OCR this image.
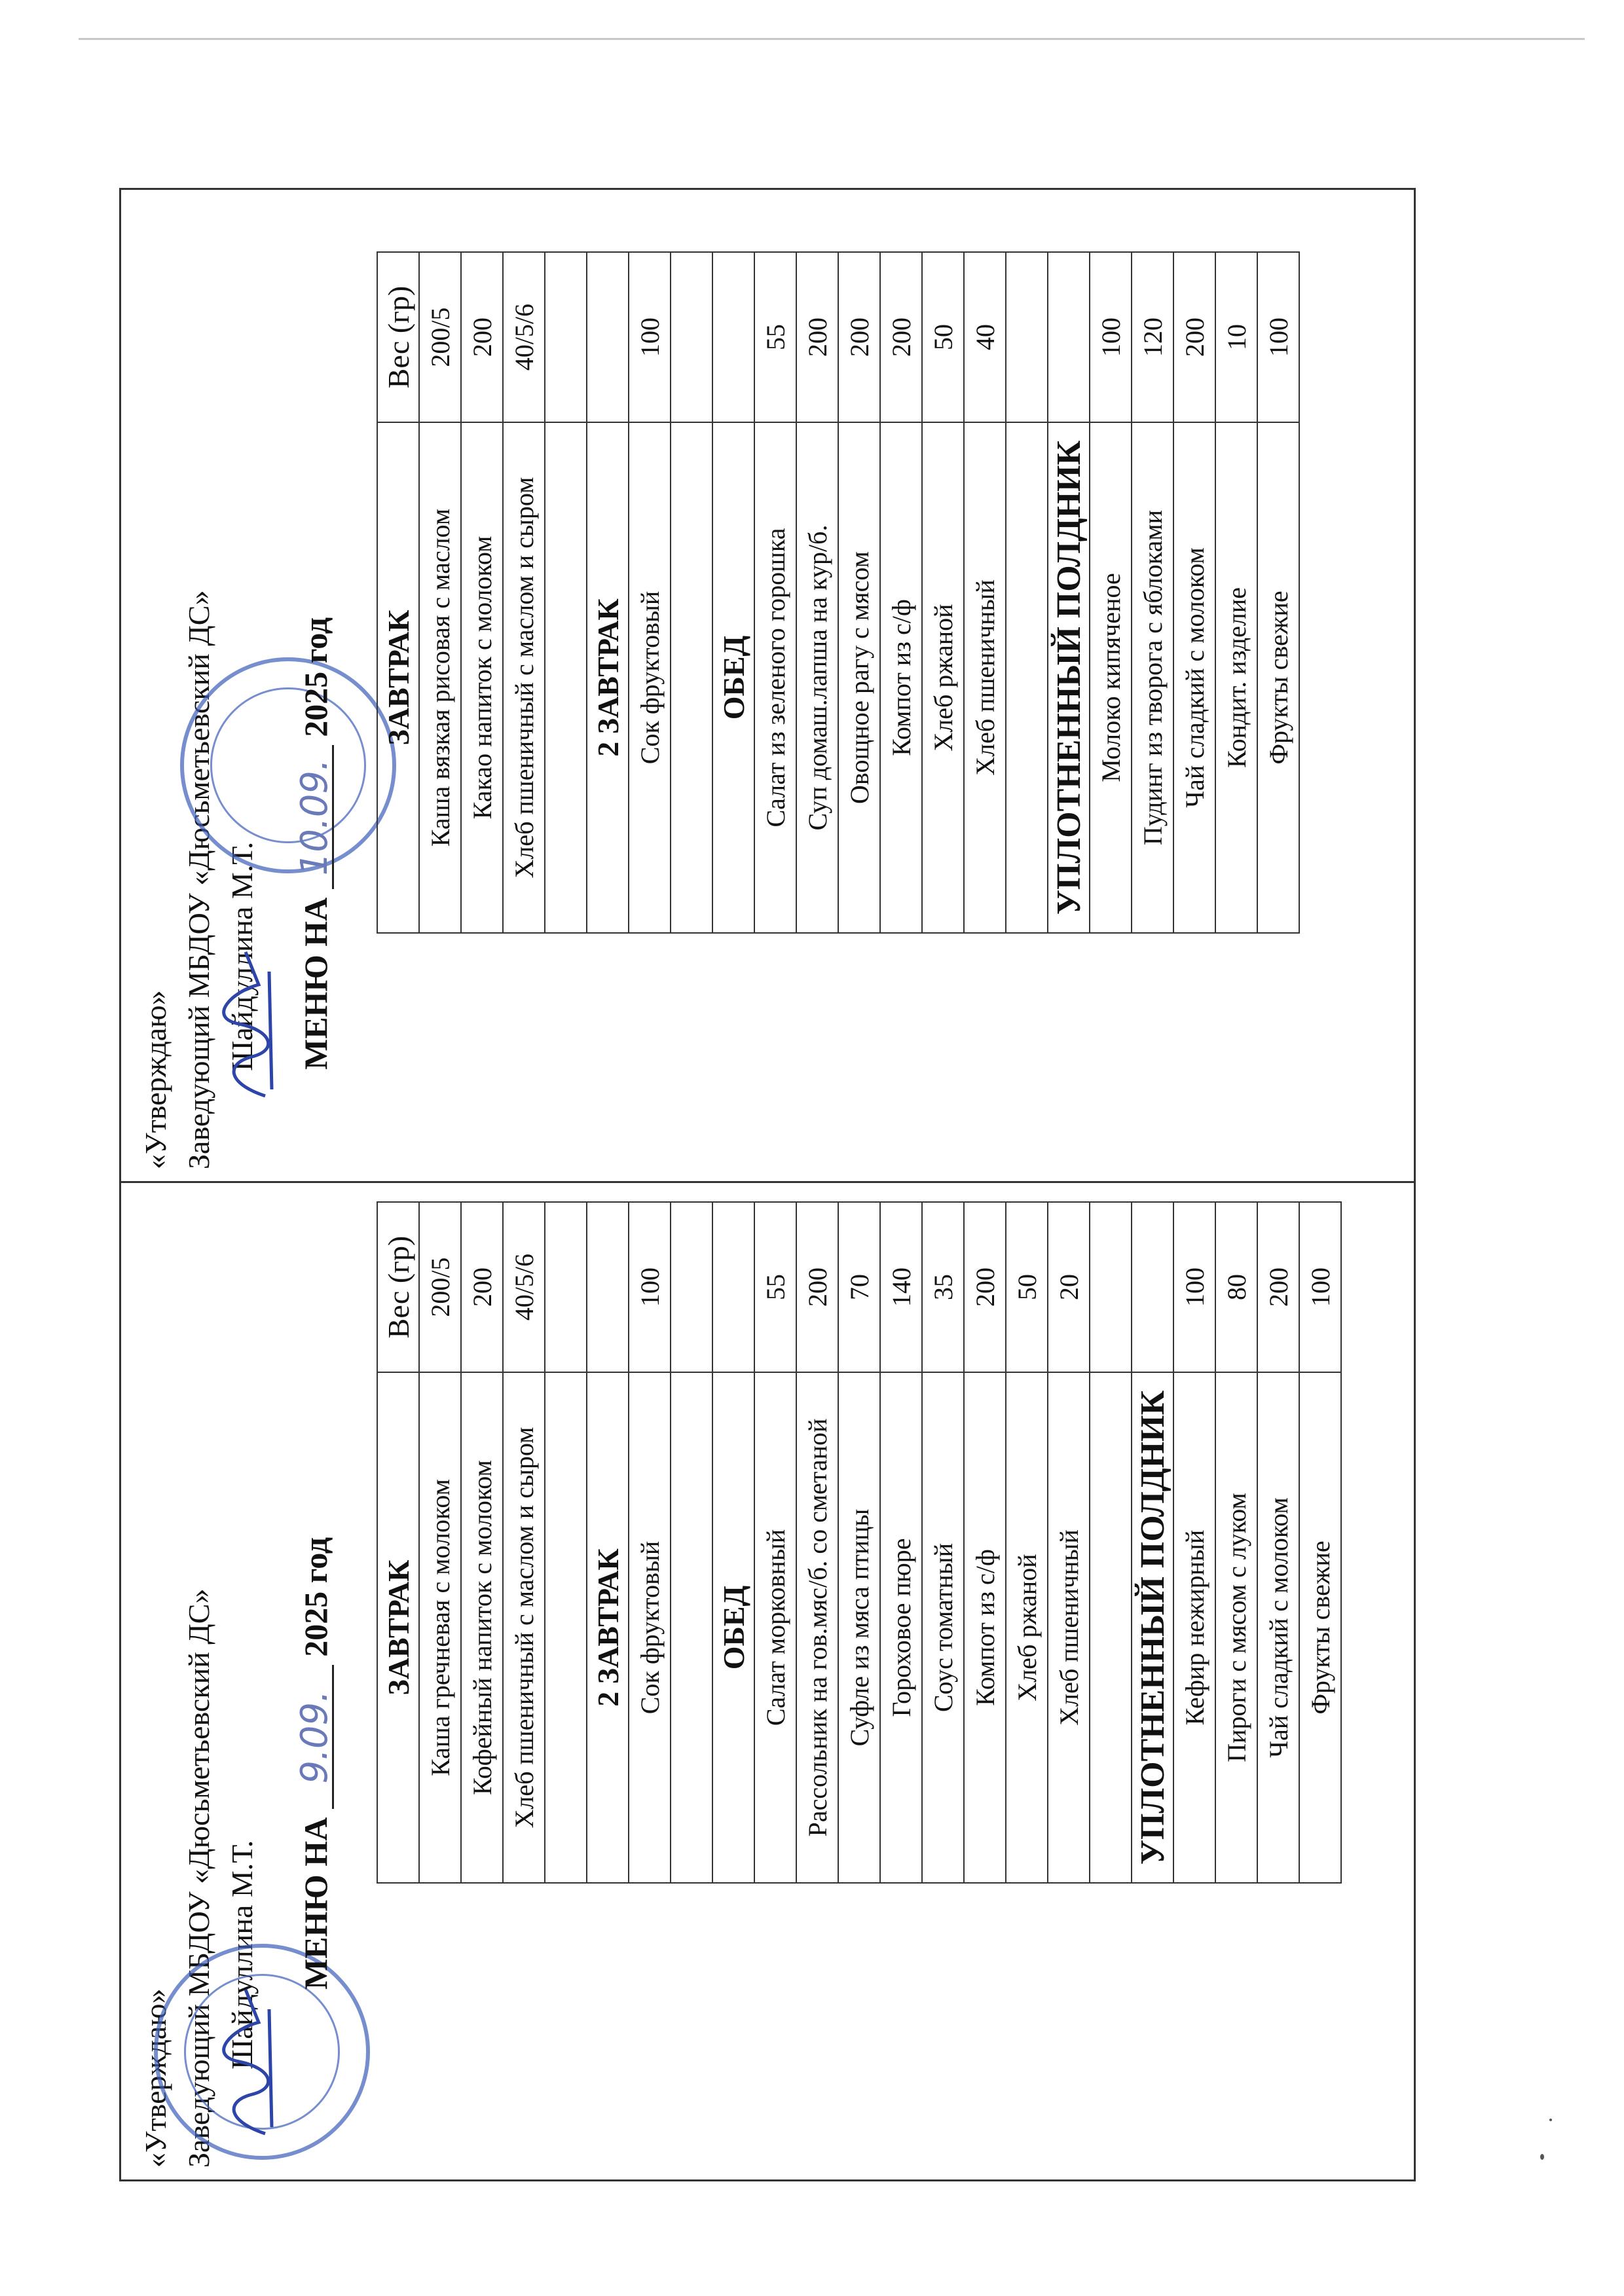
«Утверждаю» Заведующий МБДОУ «Дюсьметьевский ДС» Шайдуллина М.Т. МЕНЮ НА 9.09. 2025 год ЗАВТРАК	Вес (гр)
Каша гречневая с молоком	200/5
Кофейный напиток с молоком	200
Хлеб пшеничный с маслом и сыром	40/5/6

2 ЗАВТРАК	
Сок фруктовый	100

ОБЕД	
Салат морковный	55
Рассольник на гов.мяс/б. со сметаной	200
Суфле из мяса птицы	70
Гороховое пюре	140
Соус томатный	35
Компот из с/ф	200
Хлеб ржаной	50
Хлеб пшеничный	20

УПЛОТНЕННЫЙ ПОЛДНИК	
Кефир нежирный	100
Пироги с мясом с луком	80
Чай сладкий с молоком	200
Фрукты свежие	100
«Утверждаю» Заведующий МБДОУ «Дюсьметьевский ДС» Шайдуллина М.Т. МЕНЮ НА 10.09. 2025 год ЗАВТРАК	Вес (гр)
Каша вязкая рисовая с маслом	200/5
Какао напиток с молоком	200
Хлеб пшеничный с маслом и сыром	40/5/6

2 ЗАВТРАК	
Сок фруктовый	100

ОБЕД	
Салат из зеленого горошка	55
Суп домаш.лапша на кур/б.	200
Овощное рагу с мясом	200
Компот из с/ф	200
Хлеб ржаной	50
Хлеб пшеничный	40

УПЛОТНЕННЫЙ ПОЛДНИК	
Молоко кипяченое	100
Пудинг из творога с яблоками	120
Чай сладкий с молоком	200
Кондит. изделие	10
Фрукты свежие	100
